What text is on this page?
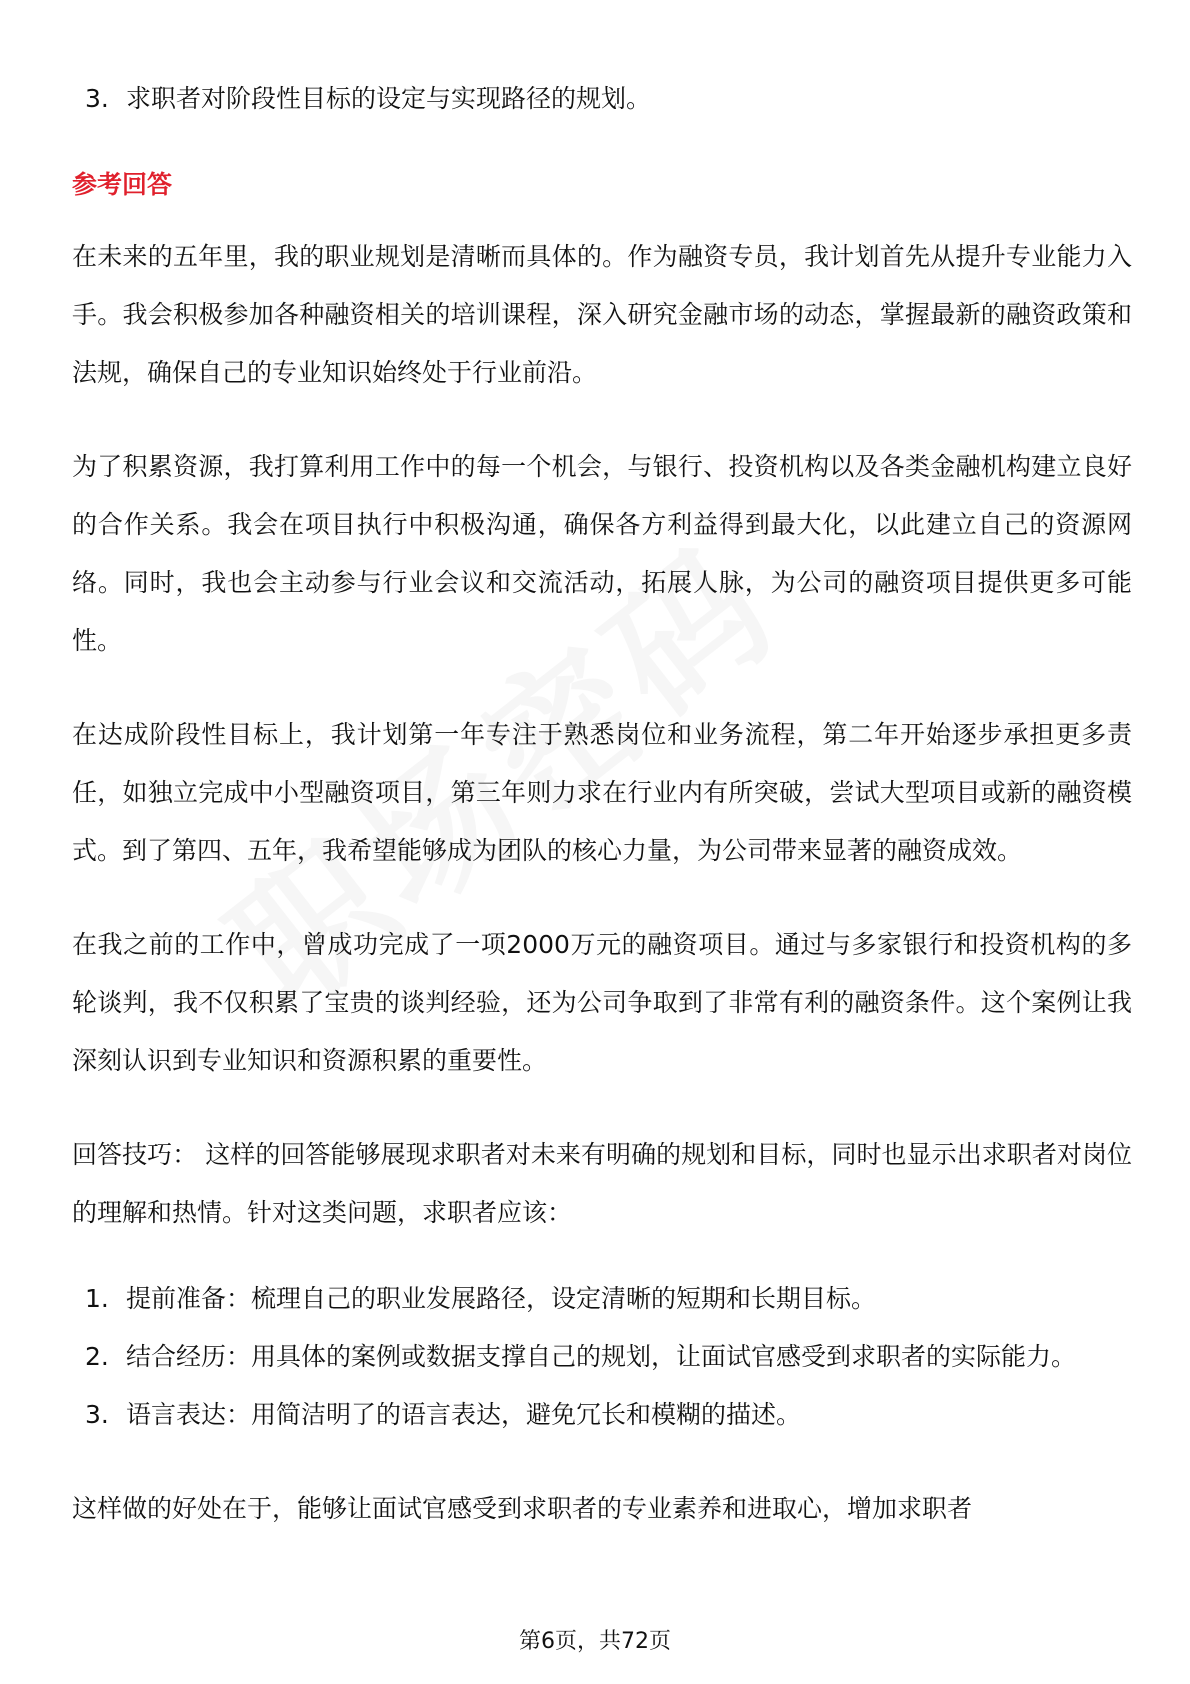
3. 求职者对阶段性目标的设定与实现路径的规划。
参考回答

在未来的五年里，我的职业规划是清晰而具体的。作为融资专员，我计划首先从提升专业能力入手。我会积极参加各种融资相关的培训课程，深入研究金融市场的动态，掌握最新的融资政策和法规，确保自己的专业知识始终处于行业前沿。

为了积累资源，我打算利用工作中的每一个机会，与银行、投资机构以及各类金融机构建立良好的合作关系。我会在项目执行中积极沟通，确保各方利益得到最大化，以此建立自己的资源网络。同时，我也会主动参与行业会议和交流活动，拓展人脉，为公司的融资项目提供更多可能性。

在达成阶段性目标上，我计划第一年专注于熟悉岗位和业务流程，第二年开始逐步承担更多责任，如独立完成中小型融资项目，第三年则力求在行业内有所突破，尝试大型项目或新的融资模式。到了第四、五年，我希望能够成为团队的核心力量，为公司带来显著的融资成效。

在我之前的工作中，曾成功完成了一项2000万元的融资项目。通过与多家银行和投资机构的多轮谈判，我不仅积累了宝贵的谈判经验，还为公司争取到了非常有利的融资条件。这个案例让我深刻认识到专业知识和资源积累的重要性。

回答技巧： 这样的回答能够展现求职者对未来有明确的规划和目标，同时也显示出求职者对岗位的理解和热情。针对这类问题，求职者应该：

1. 提前准备：梳理自己的职业发展路径，设定清晰的短期和长期目标。
2. 结合经历：用具体的案例或数据支撑自己的规划，让面试官感受到求职者的实际能力。
3. 语言表达：用简洁明了的语言表达，避免冗长和模糊的描述。

这样做的好处在于，能够让面试官感受到求职者的专业素养和进取心，增加求职者

第6页，共72页
